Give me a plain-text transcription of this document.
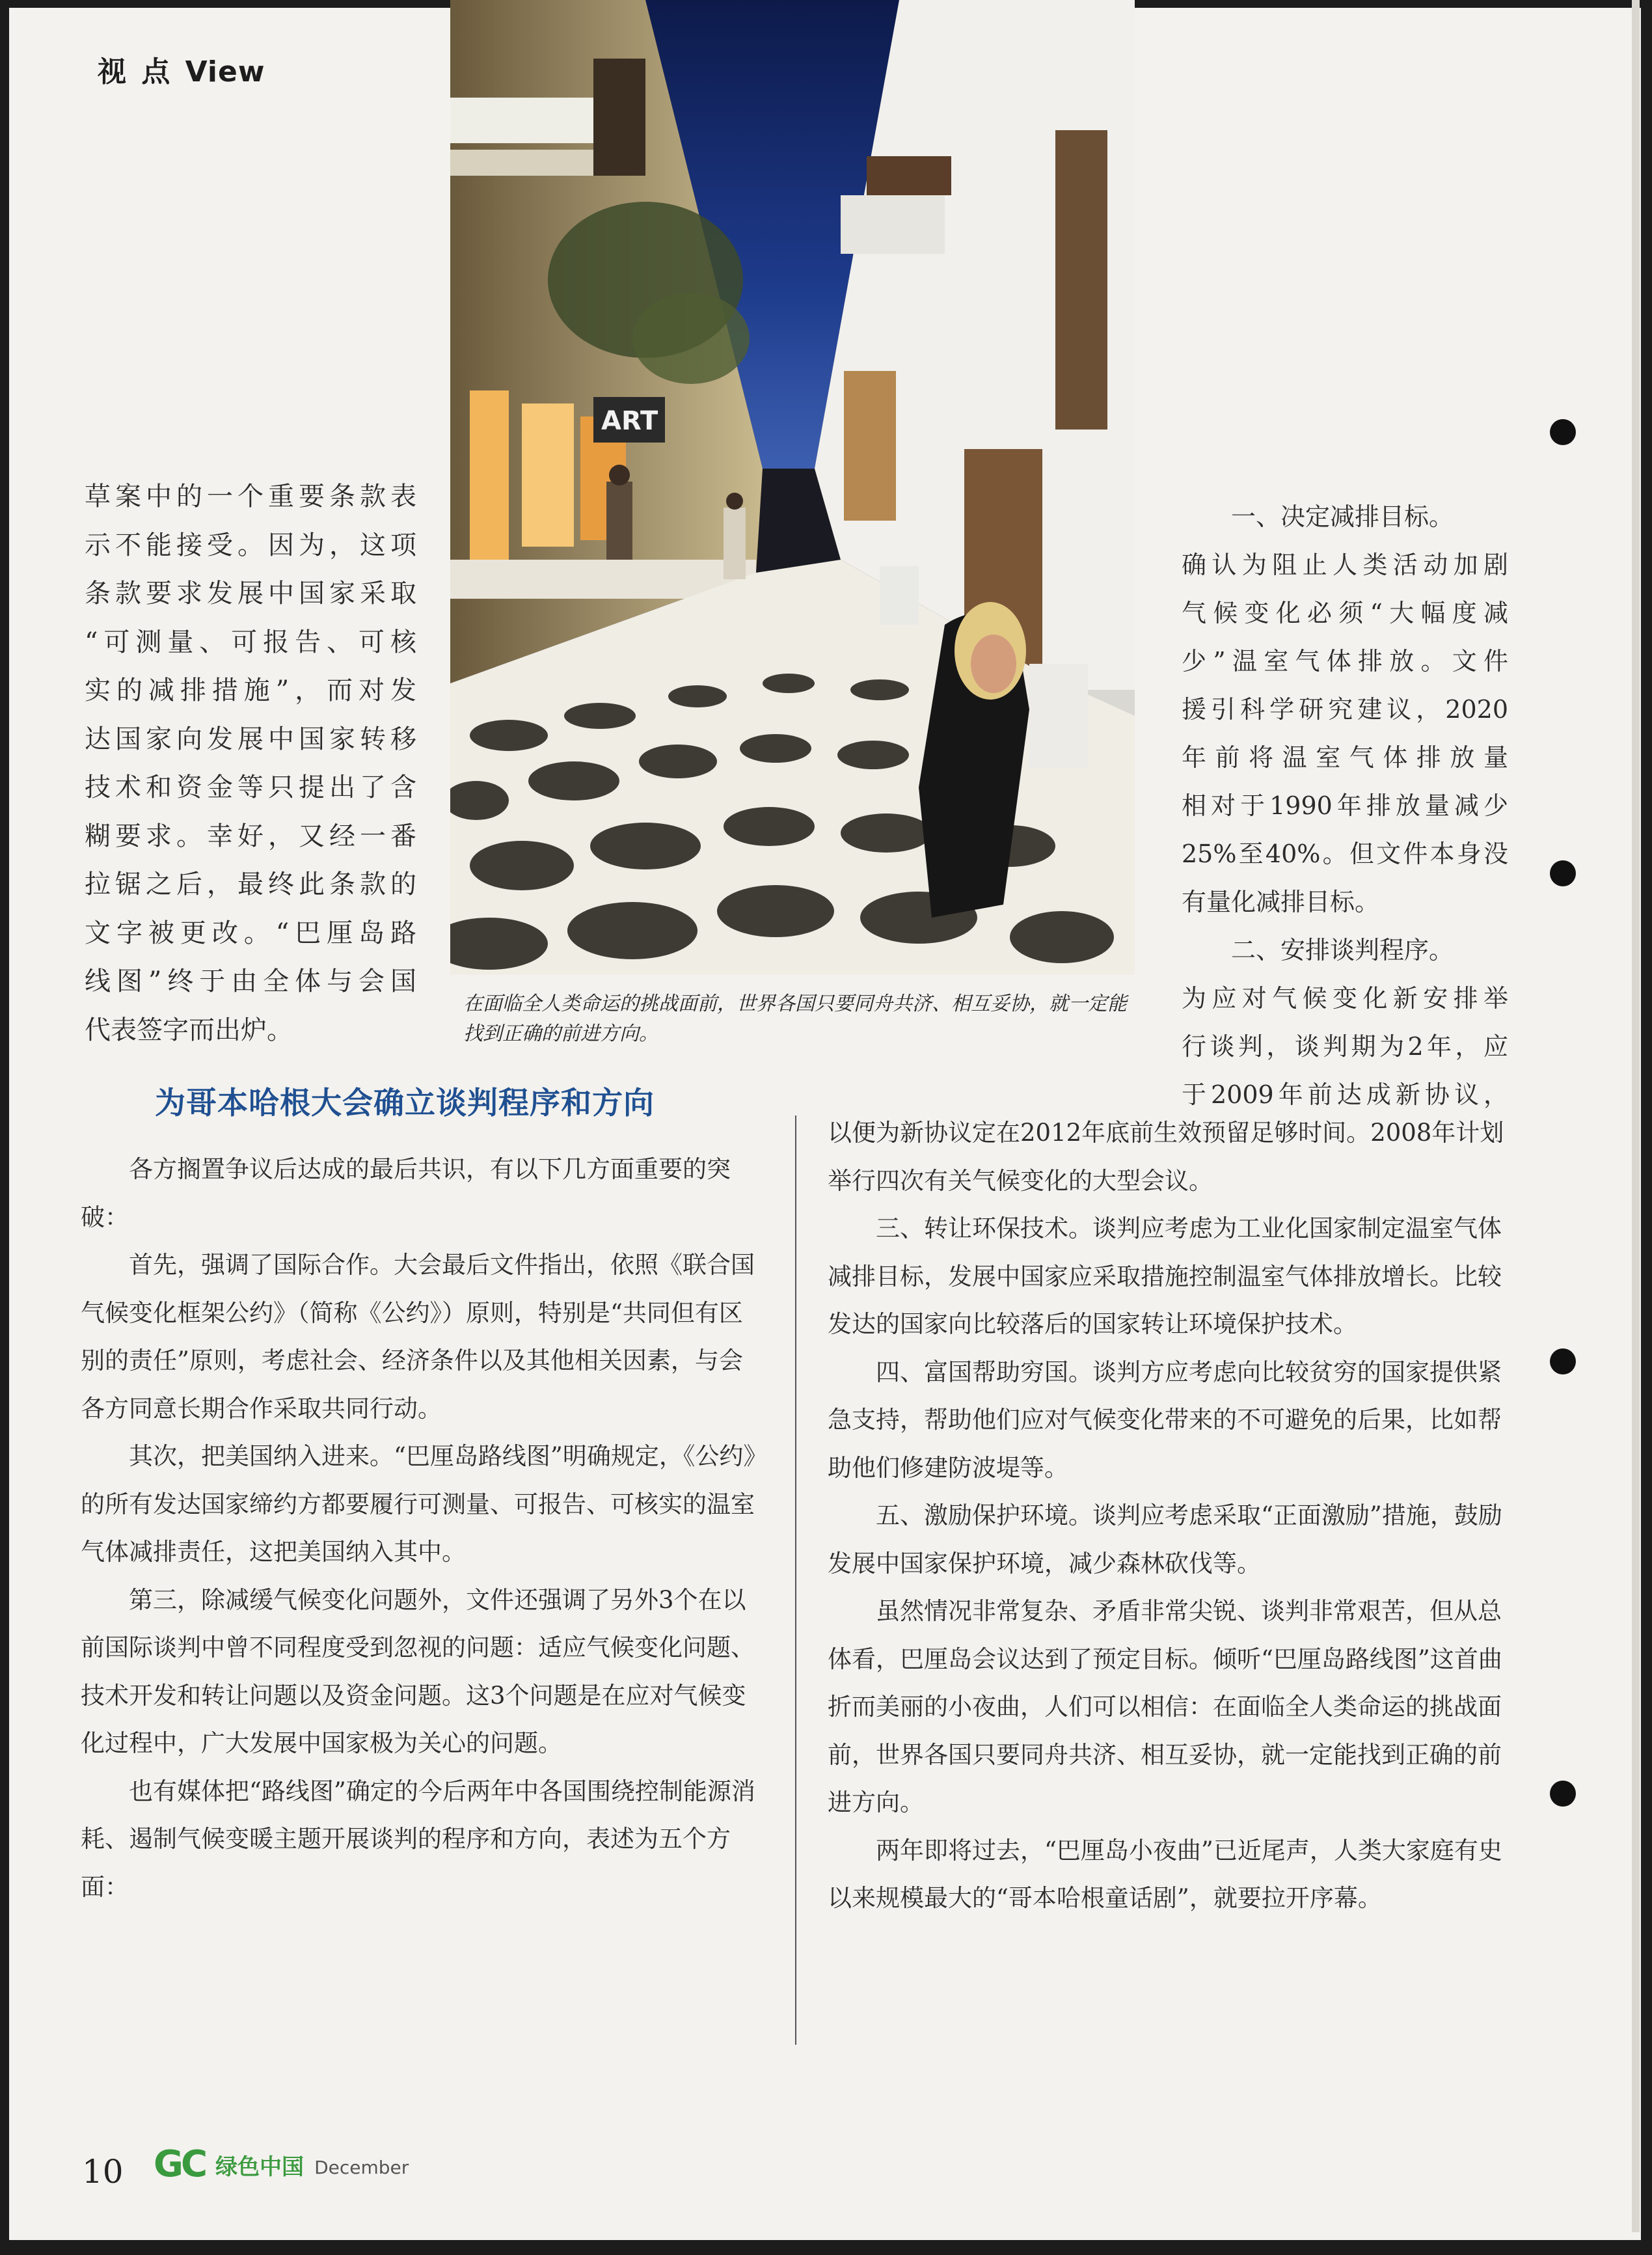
视 点 View
ART
在面临全人类命运的挑战面前，世界各国只要同舟共济、相互妥协，就一定能找到正确的前进方向。

草案中的一个重要条款表

示不能接受。因为，这项

条款要求发展中国家采取

“可测量、可报告、可核

实的减排措施”，而对发

达国家向发展中国家转移

技术和资金等只提出了含

糊要求。幸好，又经一番

拉锯之后，最终此条款的

文字被更改。“巴厘岛路

线图”终于由全体与会国

代表签字而出炉。

一、决定减排目标。

确认为阻止人类活动加剧

气候变化必须“大幅度减

少”温室气体排放。文件

援引科学研究建议，2020

年前将温室气体排放量

相对于1990年排放量减少

25%至40%。但文件本身没

有量化减排目标。

二、安排谈判程序。

为应对气候变化新安排举

行谈判，谈判期为2年，应

于2009年前达成新协议，

为哥本哈根大会确立谈判程序和方向

各方搁置争议后达成的最后共识，有以下几方面重要的突破：

首先，强调了国际合作。大会最后文件指出，依照《联合国气候变化框架公约》（简称《公约》）原则，特别是“共同但有区别的责任”原则，考虑社会、经济条件以及其他相关因素，与会各方同意长期合作采取共同行动。

其次，把美国纳入进来。“巴厘岛路线图”明确规定，《公约》的所有发达国家缔约方都要履行可测量、可报告、可核实的温室气体减排责任，这把美国纳入其中。

第三，除减缓气候变化问题外，文件还强调了另外3个在以前国际谈判中曾不同程度受到忽视的问题：适应气候变化问题、技术开发和转让问题以及资金问题。这3个问题是在应对气候变化过程中，广大发展中国家极为关心的问题。

也有媒体把“路线图”确定的今后两年中各国围绕控制能源消耗、遏制气候变暖主题开展谈判的程序和方向，表述为五个方面：

以便为新协议定在2012年底前生效预留足够时间。2008年计划举行四次有关气候变化的大型会议。

三、转让环保技术。谈判应考虑为工业化国家制定温室气体减排目标，发展中国家应采取措施控制温室气体排放增长。比较发达的国家向比较落后的国家转让环境保护技术。

四、富国帮助穷国。谈判方应考虑向比较贫穷的国家提供紧急支持，帮助他们应对气候变化带来的不可避免的后果，比如帮助他们修建防波堤等。

五、激励保护环境。谈判应考虑采取“正面激励”措施，鼓励发展中国家保护环境，减少森林砍伐等。

虽然情况非常复杂、矛盾非常尖锐、谈判非常艰苦，但从总体看，巴厘岛会议达到了预定目标。倾听“巴厘岛路线图”这首曲折而美丽的小夜曲，人们可以相信：在面临全人类命运的挑战面前，世界各国只要同舟共济、相互妥协，就一定能找到正确的前进方向。

两年即将过去，“巴厘岛小夜曲”已近尾声，人类大家庭有史以来规模最大的“哥本哈根童话剧”，就要拉开序幕。

10 GC 绿色中国 December
